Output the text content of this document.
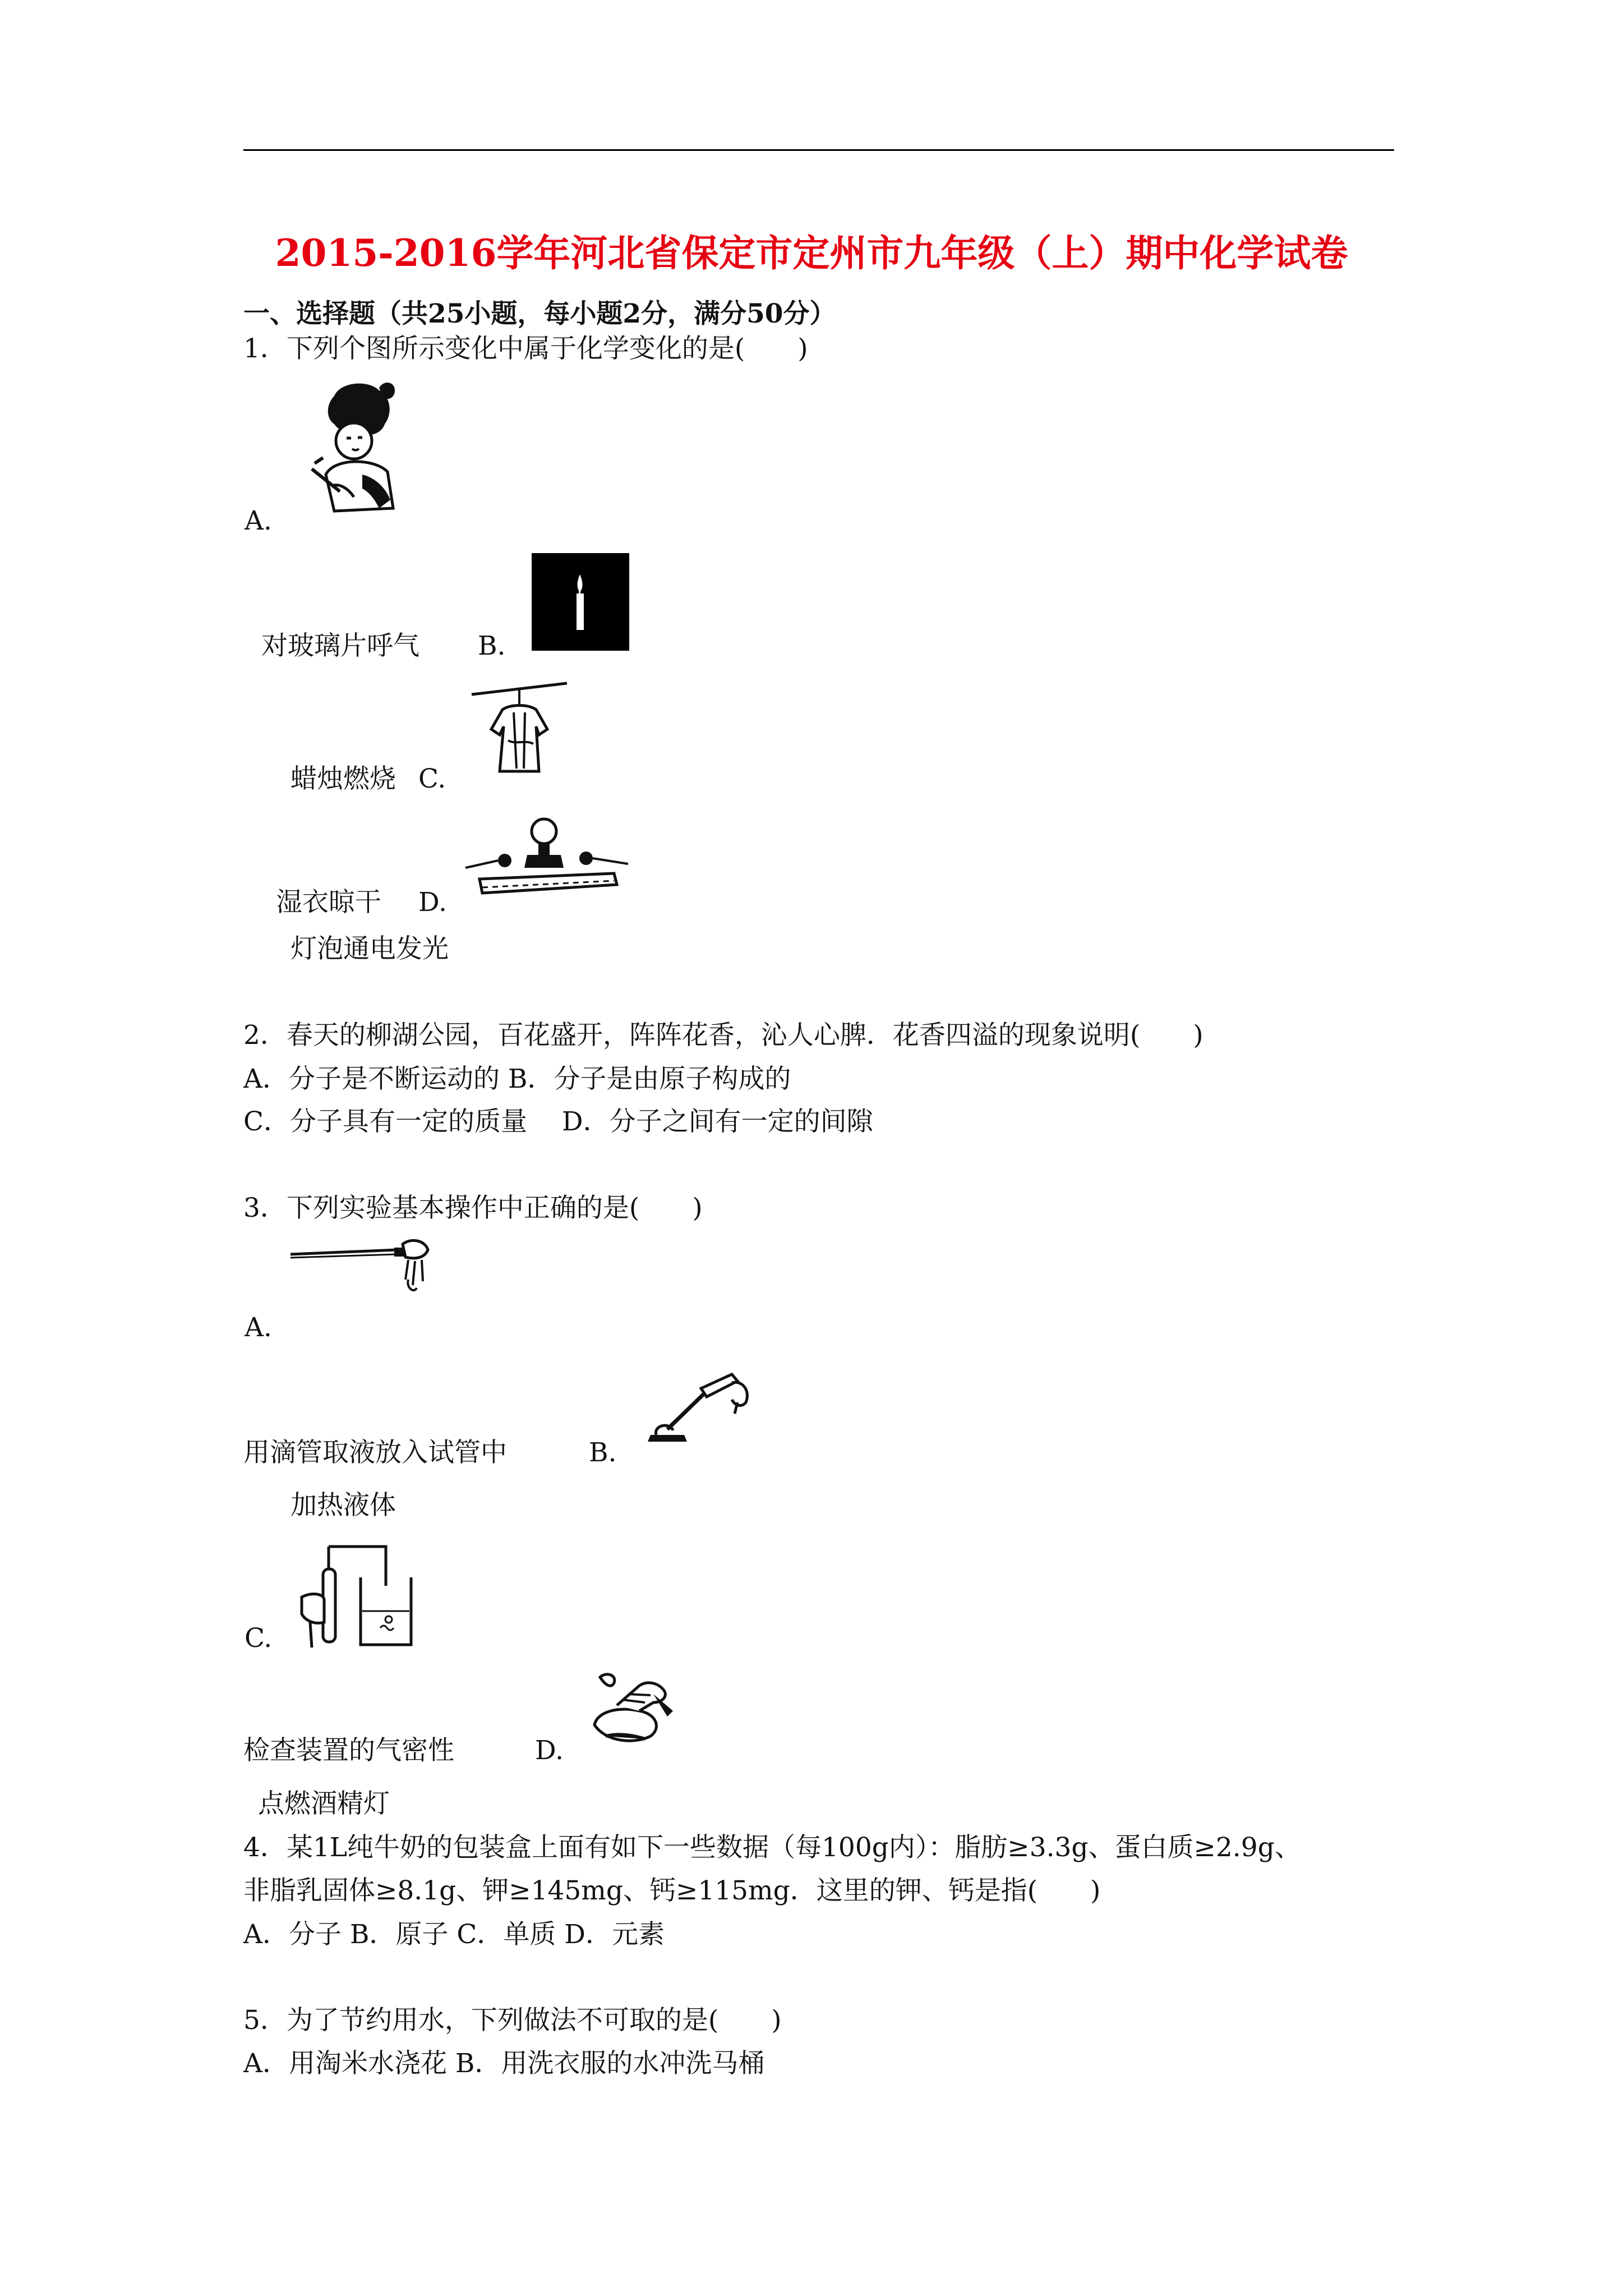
2015-2016学年河北省保定市定州市九年级（上）期中化学试卷
一、选择题（共25小题，每小题2分，满分50分）
1．下列个图所示变化中属于化学变化的是(　　)
A.
对玻璃片呼气 B.
蜡烛燃烧 C.
湿衣晾干 D.
灯泡通电发光
2．春天的柳湖公园，百花盛开，阵阵花香，沁人心脾．花香四溢的现象说明(　　)
A．分子是不断运动的 B．分子是由原子构成的
C．分子具有一定的质量　 D．分子之间有一定的间隙
3．下列实验基本操作中正确的是(　　)
A.
用滴管取液放入试管中	B.
加热液体
C.
检查装置的气密性	D.
点燃酒精灯
4．某1L纯牛奶的包装盒上面有如下一些数据（每100g内）：脂肪≥3.3g、蛋白质≥2.9g、
非脂乳固体≥8.1g、钾≥145mg、钙≥115mg．这里的钾、钙是指(　　)
A．分子 B．原子 C．单质 D．元素
5．为了节约用水，下列做法不可取的是(　　)
A．用淘米水浇花 B．用洗衣服的水冲洗马桶
